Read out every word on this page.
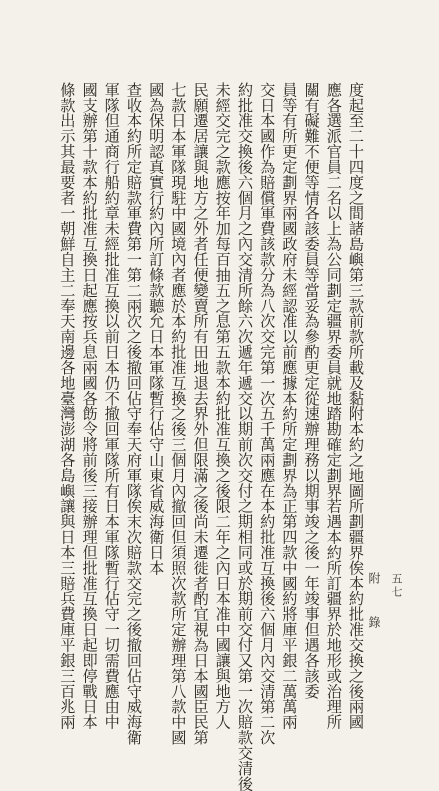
度起至二十四度之間諸島嶼第三款前款所載及黏附本約之地圖所劃疆界俟本約批准交換之後兩國
應各選派官員二名以上為公同劃定疆界委員就地踏勘確定劃界若遇本約所訂疆界於地形或治理所
關有礙難不便等情各該委員等當妥為參酌更定從速辦理務以期事竣之後一年竣事但遇各該委
員等有所更定劃界兩國政府未經認准以前應據本約所定劃界為正第四款中國約將庫平銀二萬萬兩
交日本國作為賠償軍費該款分為八次交完第一次五千萬兩應在本約批准互換後六個月內交清第二次
約批准交換後六個月之內交清所餘六次遞年遞交以期前次交付之期相同或於期前交付又第一次賠款交清後
未經交完之款應按年加每百抽五之息第五款本約批准互換之後限二年之內日本准中國讓與地方人
民願遷居讓與地方之外者任便變賣所有田地退去界外但限滿之後尚未遷徙者酌宜視為日本國臣民第
七款日本軍隊現駐中國境內者應於本約批准互換之後三個月內撤回但須照次款所定辦理第八款中國
國為保明認真實行約內所訂條款聽允日本軍隊暫行佔守山東省威海衛日本
查收本約所定賠款軍費第一第二兩次之後撤回佔守奉天府軍隊俟末次賠款交完之後撤回佔守威海衛
軍隊但通商行船約章未經批准互換以前日本仍不撤回軍隊所有日本軍隊暫行佔守一切需費應由中
國支辦第十款本約批准互換日起應按兵息兩國各飭令將前後三接辦理但批准互換日起即停戰日本
條款出示其最要者一朝鮮自主二奉天南邊各地臺灣澎湖各島嶼讓與日本三賠兵費庫平銀三百兆兩	附　錄 五七
